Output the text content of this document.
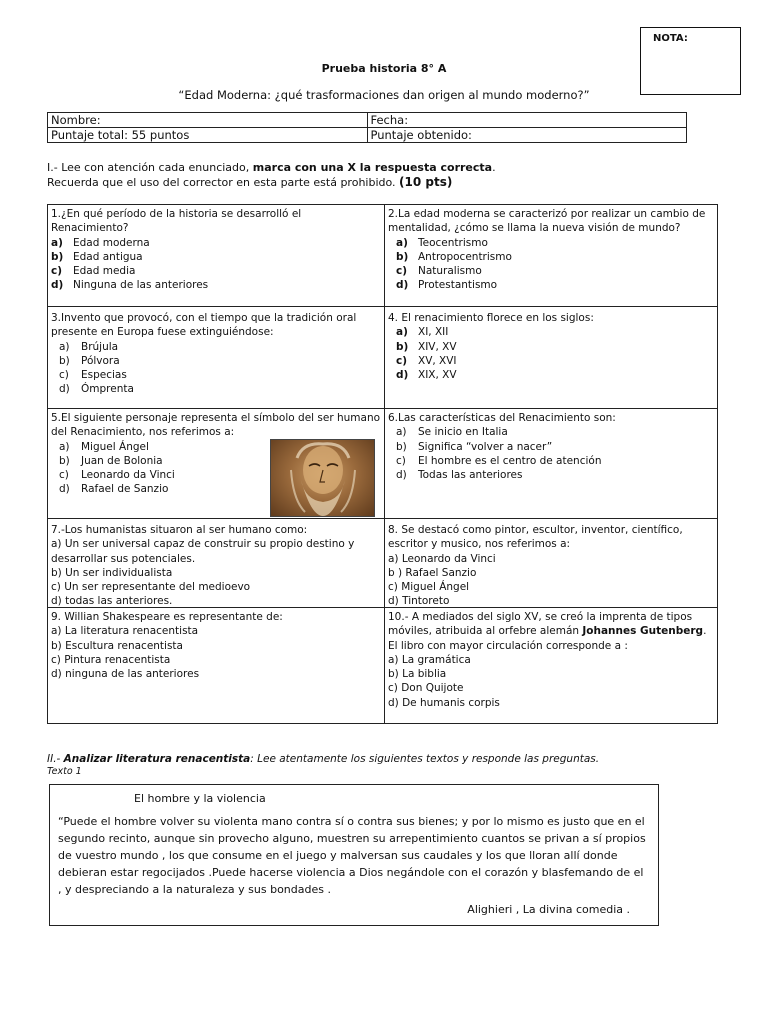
NOTA:
Prueba historia 8° A
“Edad Moderna: ¿qué trasformaciones dan origen al mundo moderno?”
Nombre:	Fecha:
Puntaje total: 55 puntos	Puntaje obtenido:
I.- Lee con atención cada enunciado, marca con una X la respuesta correcta.
Recuerda que el uso del corrector en esta parte está prohibido. (10 pts)
1.¿En qué período de la historia se desarrolló el Renacimiento?
a) Edad moderna
b) Edad antigua
c)	Edad media
d) Ninguna de las anteriores
2.La edad moderna se caracterizó por realizar un cambio de mentalidad, ¿cómo se llama la nueva visión de mundo?
a) Teocentrismo
b) Antropocentrismo
c)	Naturalismo
d) Protestantismo
3.Invento que provocó, con el tiempo que la tradición oral presente en Europa fuese extinguiéndose:
a)	Brújula
b)	Pólvora
c)	Especias
d)	Ómprenta
4. El renacimiento florece en los siglos:
a) XI, XII
b) XIV, XV
c)	XV, XVI
d) XIX, XV
5.El siguiente personaje representa el símbolo del ser humano del Renacimiento, nos referimos a:
a)	Miguel Ángel
b)	Juan de Bolonia
c)	Leonardo da Vinci
d)	Rafael de Sanzio
6.Las características del Renacimiento son:
a)	Se inicio en Italia
b)	Significa “volver a nacer”
c)	El hombre es el centro de atención
d)	Todas las anteriores
7.-Los humanistas situaron al ser humano como:
a) Un ser universal capaz de construir su propio destino y desarrollar sus potenciales.
b) Un ser individualista
c) Un ser representante del medioevo
d) todas las anteriores.
8. Se destacó como pintor, escultor, inventor, científico, escritor y musico, nos referimos a:
a) Leonardo da Vinci
b ) Rafael Sanzio
c) Miguel Ángel
d) Tintoreto
9. Willian Shakespeare es representante de:
a) La literatura renacentista
b) Escultura renacentista
c) Pintura renacentista
d) ninguna de las anteriores
10.- A mediados del siglo XV, se creó la imprenta de tipos móviles, atribuida al orfebre alemán Johannes Gutenberg. El libro con mayor circulación corresponde a :
a) La gramática
b) La biblia
c) Don Quijote
d) De humanis corpis
II.- Analizar literatura renacentista: Lee atentamente los siguientes textos y responde las preguntas.
Texto 1
El hombre y la violencia
“Puede el hombre volver su violenta mano contra sí o contra sus bienes; y por lo mismo es justo que en el segundo recinto, aunque sin provecho alguno, muestren su arrepentimiento cuantos se privan a sí propios de vuestro mundo , los que consume en el juego y malversan sus caudales y los que lloran allí donde debieran estar regocijados .Puede hacerse violencia a Dios negándole con el corazón y blasfemando de el , y despreciando a la naturaleza y sus bondades .
Alighieri , La divina comedia .
